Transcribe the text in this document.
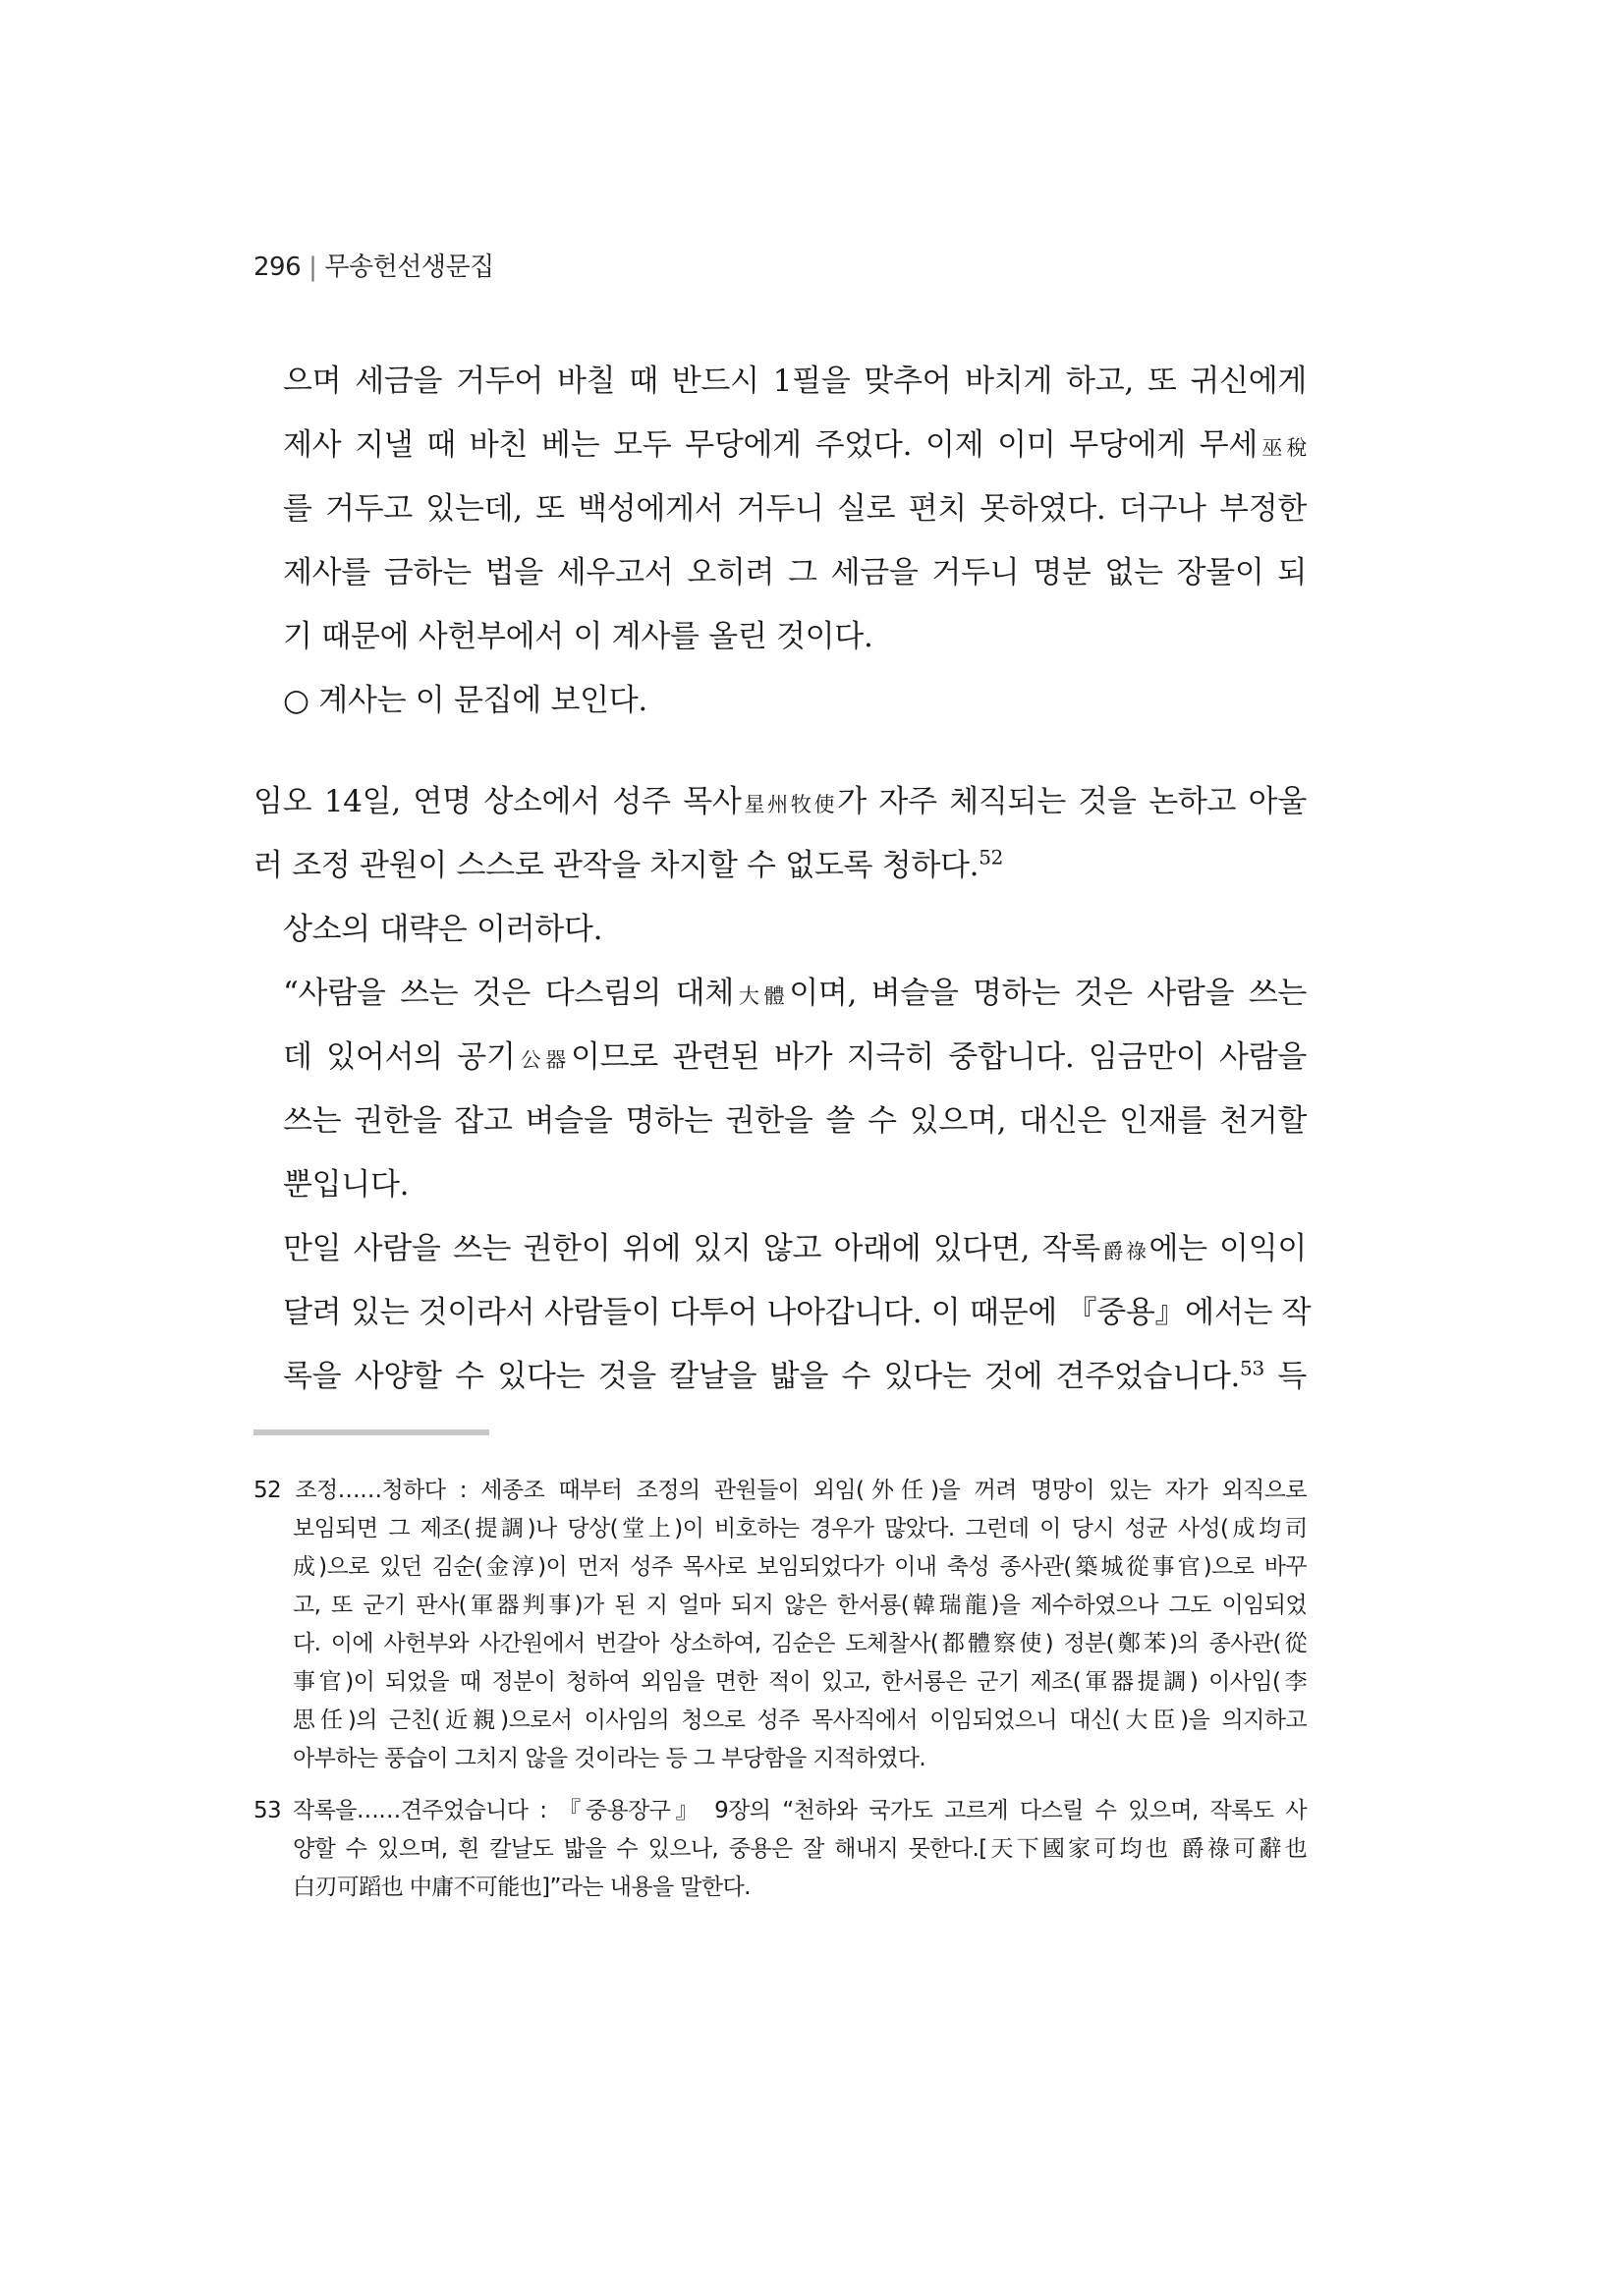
296 | 무송헌선생문집
으며 세금을 거두어 바칠 때 반드시 1필을 맞추어 바치게 하고, 또 귀신에게
제사 지낼 때 바친 베는 모두 무당에게 주었다. 이제 이미 무당에게 무세巫稅
를 거두고 있는데, 또 백성에게서 거두니 실로 편치 못하였다. 더구나 부정한
제사를 금하는 법을 세우고서 오히려 그 세금을 거두니 명분 없는 장물이 되
기 때문에 사헌부에서 이 계사를 올린 것이다.
○ 계사는 이 문집에 보인다.
임오 14일, 연명 상소에서 성주 목사星州牧使가 자주 체직되는 것을 논하고 아울
러 조정 관원이 스스로 관작을 차지할 수 없도록 청하다.$^{52}$
상소의 대략은 이러하다.
“사람을 쓰는 것은 다스림의 대체大體이며, 벼슬을 명하는 것은 사람을 쓰는
데 있어서의 공기公器이므로 관련된 바가 지극히 중합니다. 임금만이 사람을
쓰는 권한을 잡고 벼슬을 명하는 권한을 쓸 수 있으며, 대신은 인재를 천거할
뿐입니다.
만일 사람을 쓰는 권한이 위에 있지 않고 아래에 있다면, 작록爵祿에는 이익이
달려 있는 것이라서 사람들이 다투어 나아갑니다. 이 때문에 『중용』에서는 작
록을 사양할 수 있다는 것을 칼날을 밟을 수 있다는 것에 견주었습니다.$^{53}$ 득
52 조정……청하다 : 세종조 때부터 조정의 관원들이 외임(外任)을 꺼려 명망이 있는 자가 외직으로
보임되면 그 제조(提調)나 당상(堂上)이 비호하는 경우가 많았다. 그런데 이 당시 성균 사성(成均司
成)으로 있던 김순(金淳)이 먼저 성주 목사로 보임되었다가 이내 축성 종사관(築城從事官)으로 바꾸
고, 또 군기 판사(軍器判事)가 된 지 얼마 되지 않은 한서룡(韓瑞龍)을 제수하였으나 그도 이임되었
다. 이에 사헌부와 사간원에서 번갈아 상소하여, 김순은 도체찰사(都體察使) 정분(鄭苯)의 종사관(從
事官)이 되었을 때 정분이 청하여 외임을 면한 적이 있고, 한서룡은 군기 제조(軍器提調) 이사임(李
思任)의 근친(近親)으로서 이사임의 청으로 성주 목사직에서 이임되었으니 대신(大臣)을 의지하고
아부하는 풍습이 그치지 않을 것이라는 등 그 부당함을 지적하였다.
53 작록을……견주었습니다 : 『중용장구』 9장의 “천하와 국가도 고르게 다스릴 수 있으며, 작록도 사
양할 수 있으며, 흰 칼날도 밟을 수 있으나, 중용은 잘 해내지 못한다.[天下國家可均也 爵祿可辭也
白刃可蹈也 中庸不可能也]”라는 내용을 말한다.
